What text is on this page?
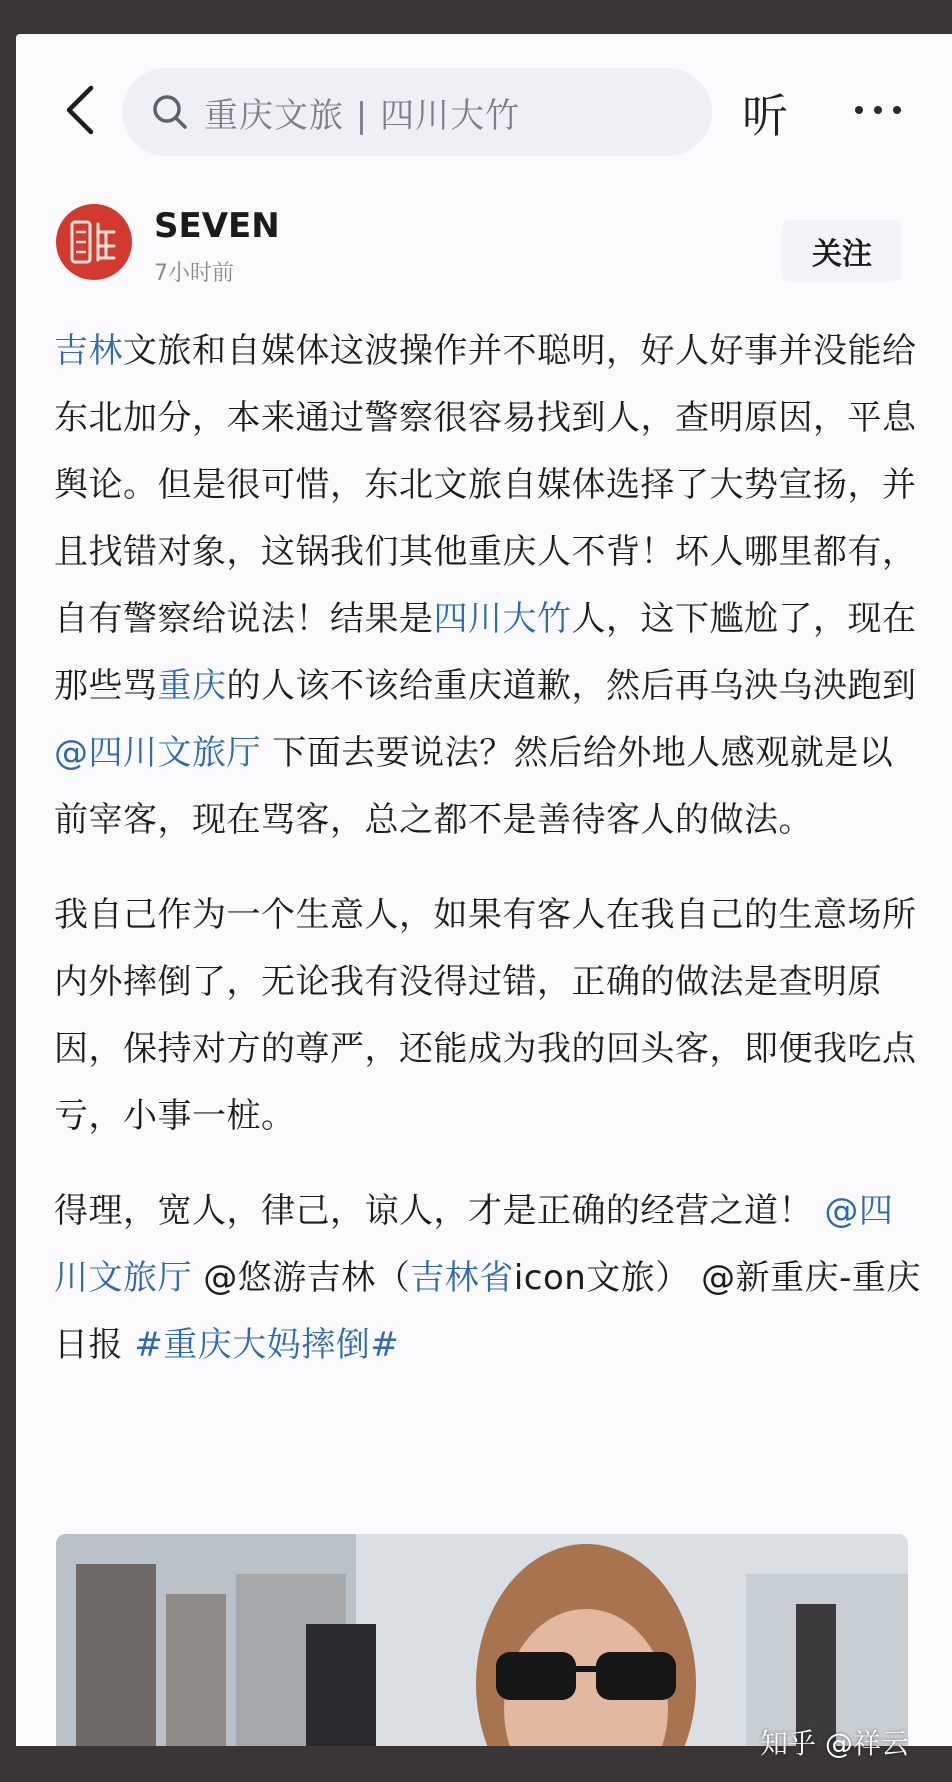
重庆文旅 | 四川大竹	听
SEVEN
7小时前
关注

吉林文旅和自媒体这波操作并不聪明，好人好事并没能给东北加分，本来通过警察很容易找到人，查明原因，平息舆论。但是很可惜，东北文旅自媒体选择了大势宣扬，并且找错对象，这锅我们其他重庆人不背！坏人哪里都有，自有警察给说法！结果是四川大竹人，这下尴尬了，现在那些骂重庆的人该不该给重庆道歉，然后再乌泱乌泱跑到@四川文旅厅 下面去要说法？然后给外地人感观就是以前宰客，现在骂客，总之都不是善待客人的做法。

我自己作为一个生意人，如果有客人在我自己的生意场所内外摔倒了，无论我有没得过错，正确的做法是查明原因，保持对方的尊严，还能成为我的回头客，即便我吃点亏，小事一桩。

得理，宽人，律己，谅人，才是正确的经营之道！ @四川文旅厅 @悠游吉林（吉林省icon文旅） @新重庆-重庆日报 #重庆大妈摔倒#

知乎 @祥云
